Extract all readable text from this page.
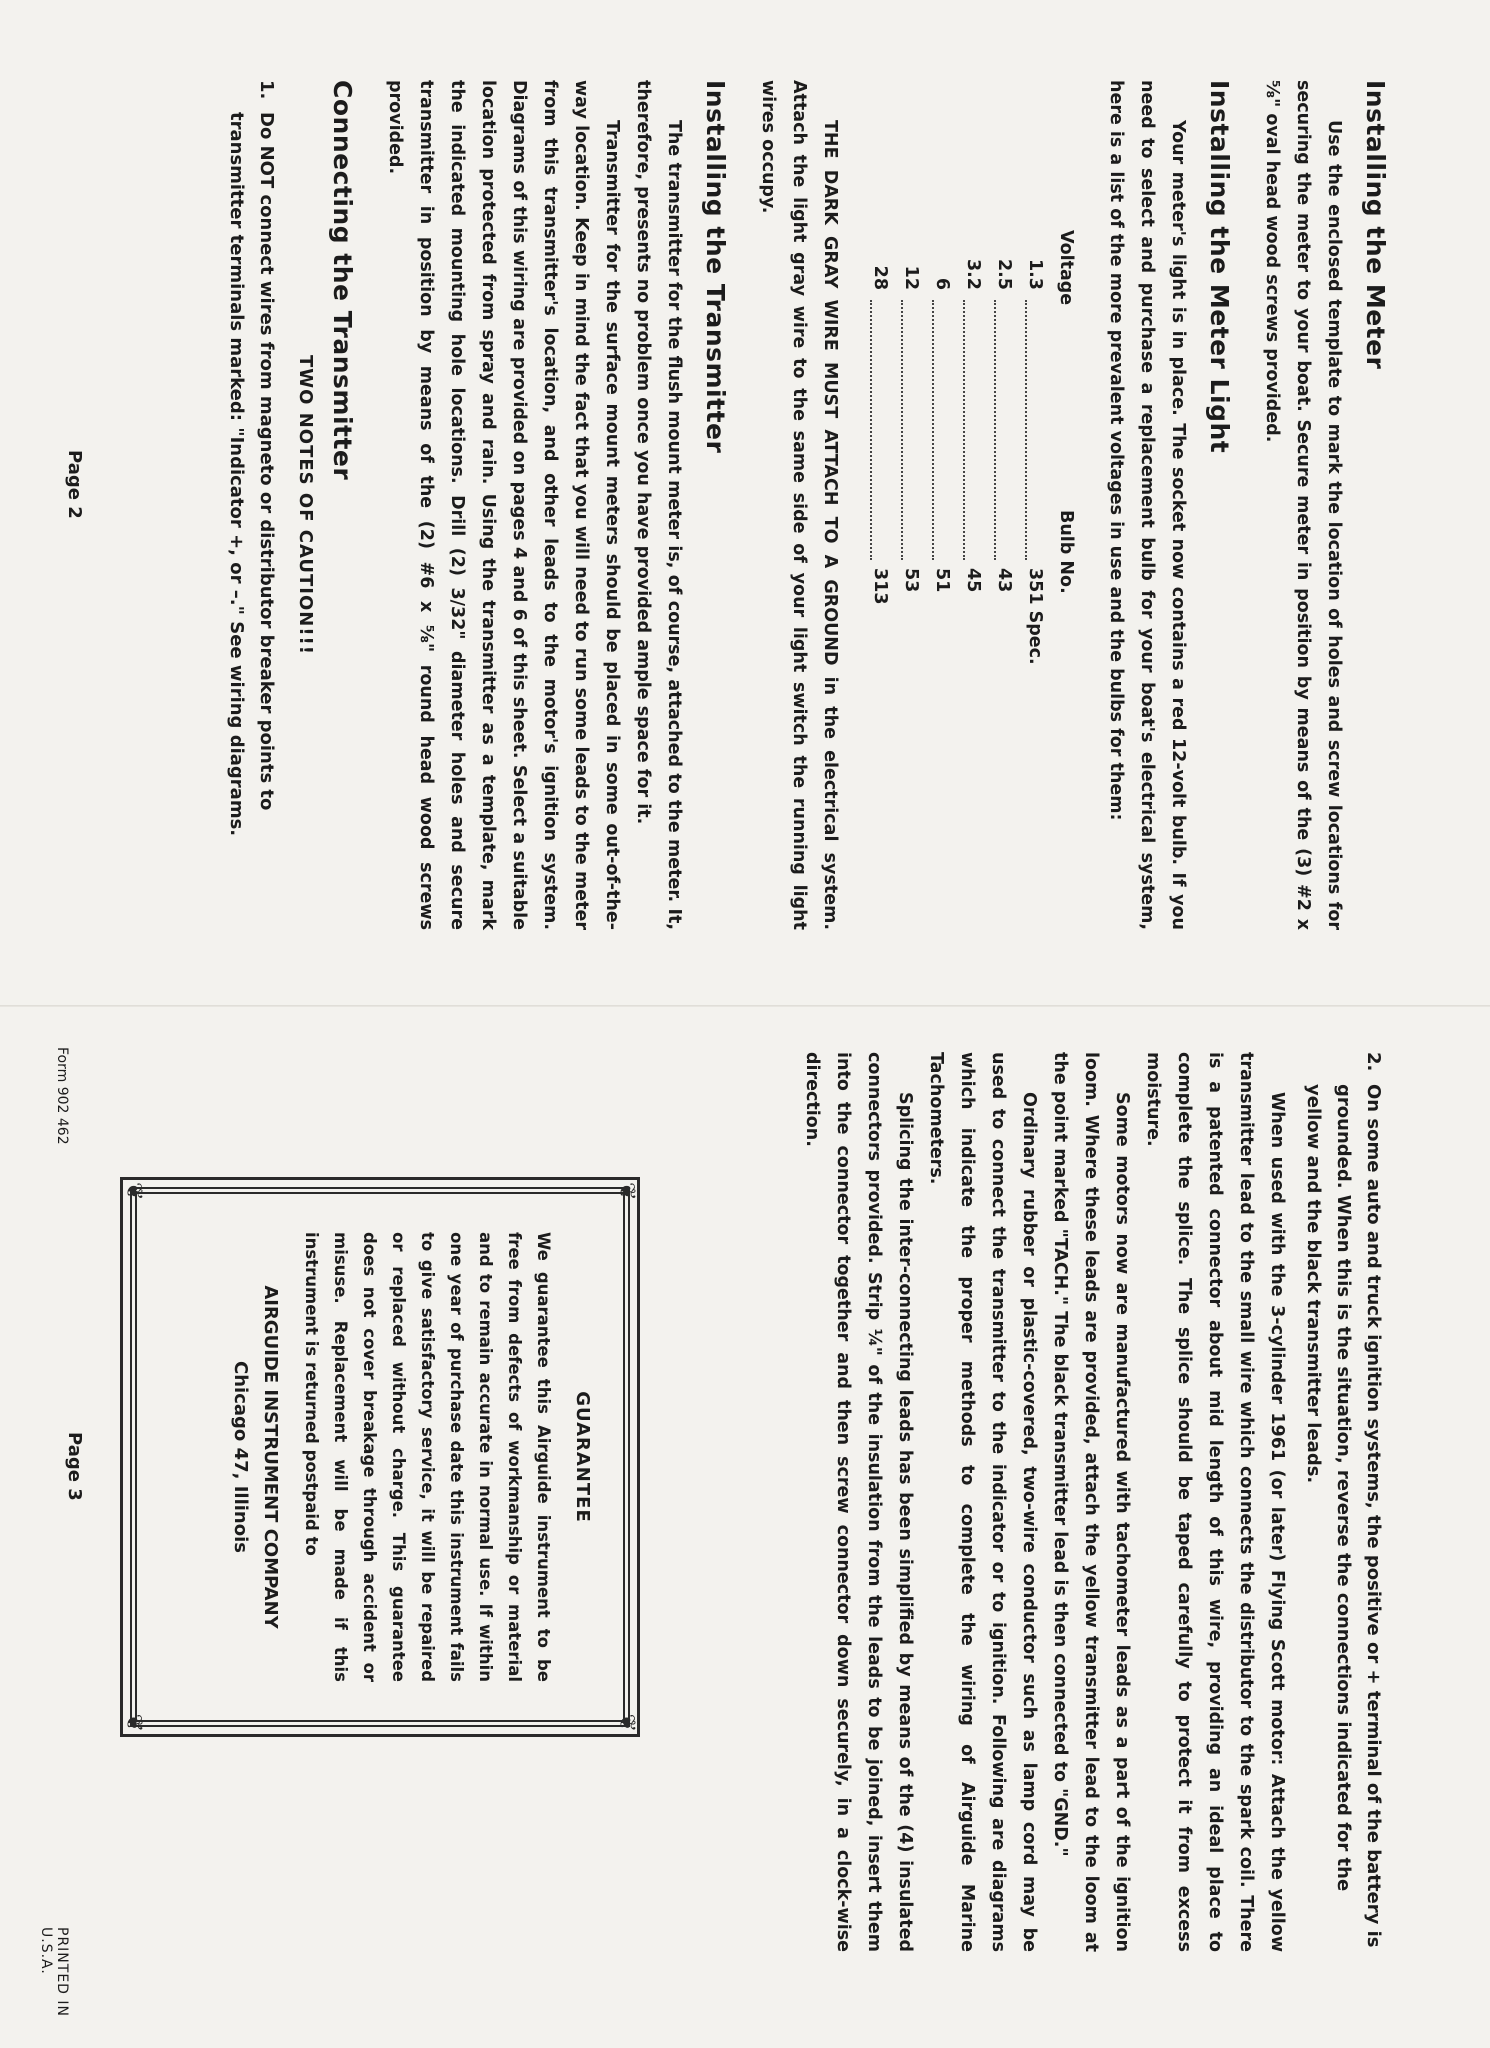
Installing the Meter

Use the enclosed template to mark the location of holes and screw locations for securing the meter to your boat. Secure meter in position by means of the (3) #2 x ⅝" oval head wood screws provided.

Installing the Meter Light

Your meter's light is in place. The socket now contains a red 12-volt bulb. If you need to select and purchase a replacement bulb for your boat's electrical system, here is a list of the more prevalent voltages in use and the bulbs for them:

Voltage
Bulb No.
1.3
351 Spec.
2.5
43
3.2
45
6
51
12
53
28
313

THE DARK GRAY WIRE MUST ATTACH TO A GROUND in the electrical system. Attach the light gray wire to the same side of your light switch the running light wires occupy.

Installing the Transmitter

The transmitter for the flush mount meter is, of course, attached to the meter. It, therefore, presents no problem once you have provided ample space for it.

Transmitter for the surface mount meters should be placed in some out-of-the-way location. Keep in mind the fact that you will need to run some leads to the meter from this transmitter's location, and other leads to the motor's ignition system. Diagrams of this wiring are provided on pages 4 and 6 of this sheet. Select a suitable location protected from spray and rain. Using the transmitter as a template, mark the indicated mounting hole locations. Drill (2) 3/32" diameter holes and secure transmitter in position by means of the (2) #6 x ⅝" round head wood screws provided.

Connecting the Transmitter
TWO NOTES OF CAUTION!!!
1.
Do NOT connect wires from magneto or distributor breaker points to transmitter terminals marked: "Indicator +, or –." See wiring diagrams.
Page 2
2.
On some auto and truck ignition systems, the positive or + terminal of the battery is grounded. When this is the situation, reverse the connections indicated for the yellow and the black transmitter leads.

When used with the 3-cylinder 1961 (or later) Flying Scott motor: Attach the yellow transmitter lead to the small wire which connects the distributor to the spark coil. There is a patented connector about mid length of this wire, providing an ideal place to complete the splice. The splice should be taped carefully to protect it from excess moisture.

Some motors now are manufactured with tachometer leads as a part of the ignition loom. Where these leads are provided, attach the yellow transmitter lead to the loom at the point marked "TACH." The black transmitter lead is then connected to "GND."

Ordinary rubber or plastic-covered, two-wire conductor such as lamp cord may be used to connect the transmitter to the indicator or to ignition. Following are diagrams which indicate the proper methods to complete the wiring of Airguide Marine Tachometers.

Splicing the inter-connecting leads has been simplified by means of the (4) insulated connectors provided. Strip ¼" of the insulation from the leads to be joined, insert them into the connector together and then screw connector down securely, in a clock-wise direction.

❦
❦
❦
❦
GUARANTEE

We guarantee this Airguide instrument to be free from defects of workmanship or material and to remain accurate in normal use. If within one year of purchase date this instrument fails to give satisfactory service, it will be repaired or replaced without charge. This guarantee does not cover breakage through accident or misuse. Replacement will be made if this instrument is returned postpaid to

AIRGUIDE INSTRUMENT COMPANY
Chicago 47, Illinois
Form 902 462
Page 3
PRINTED IN U.S.A.
